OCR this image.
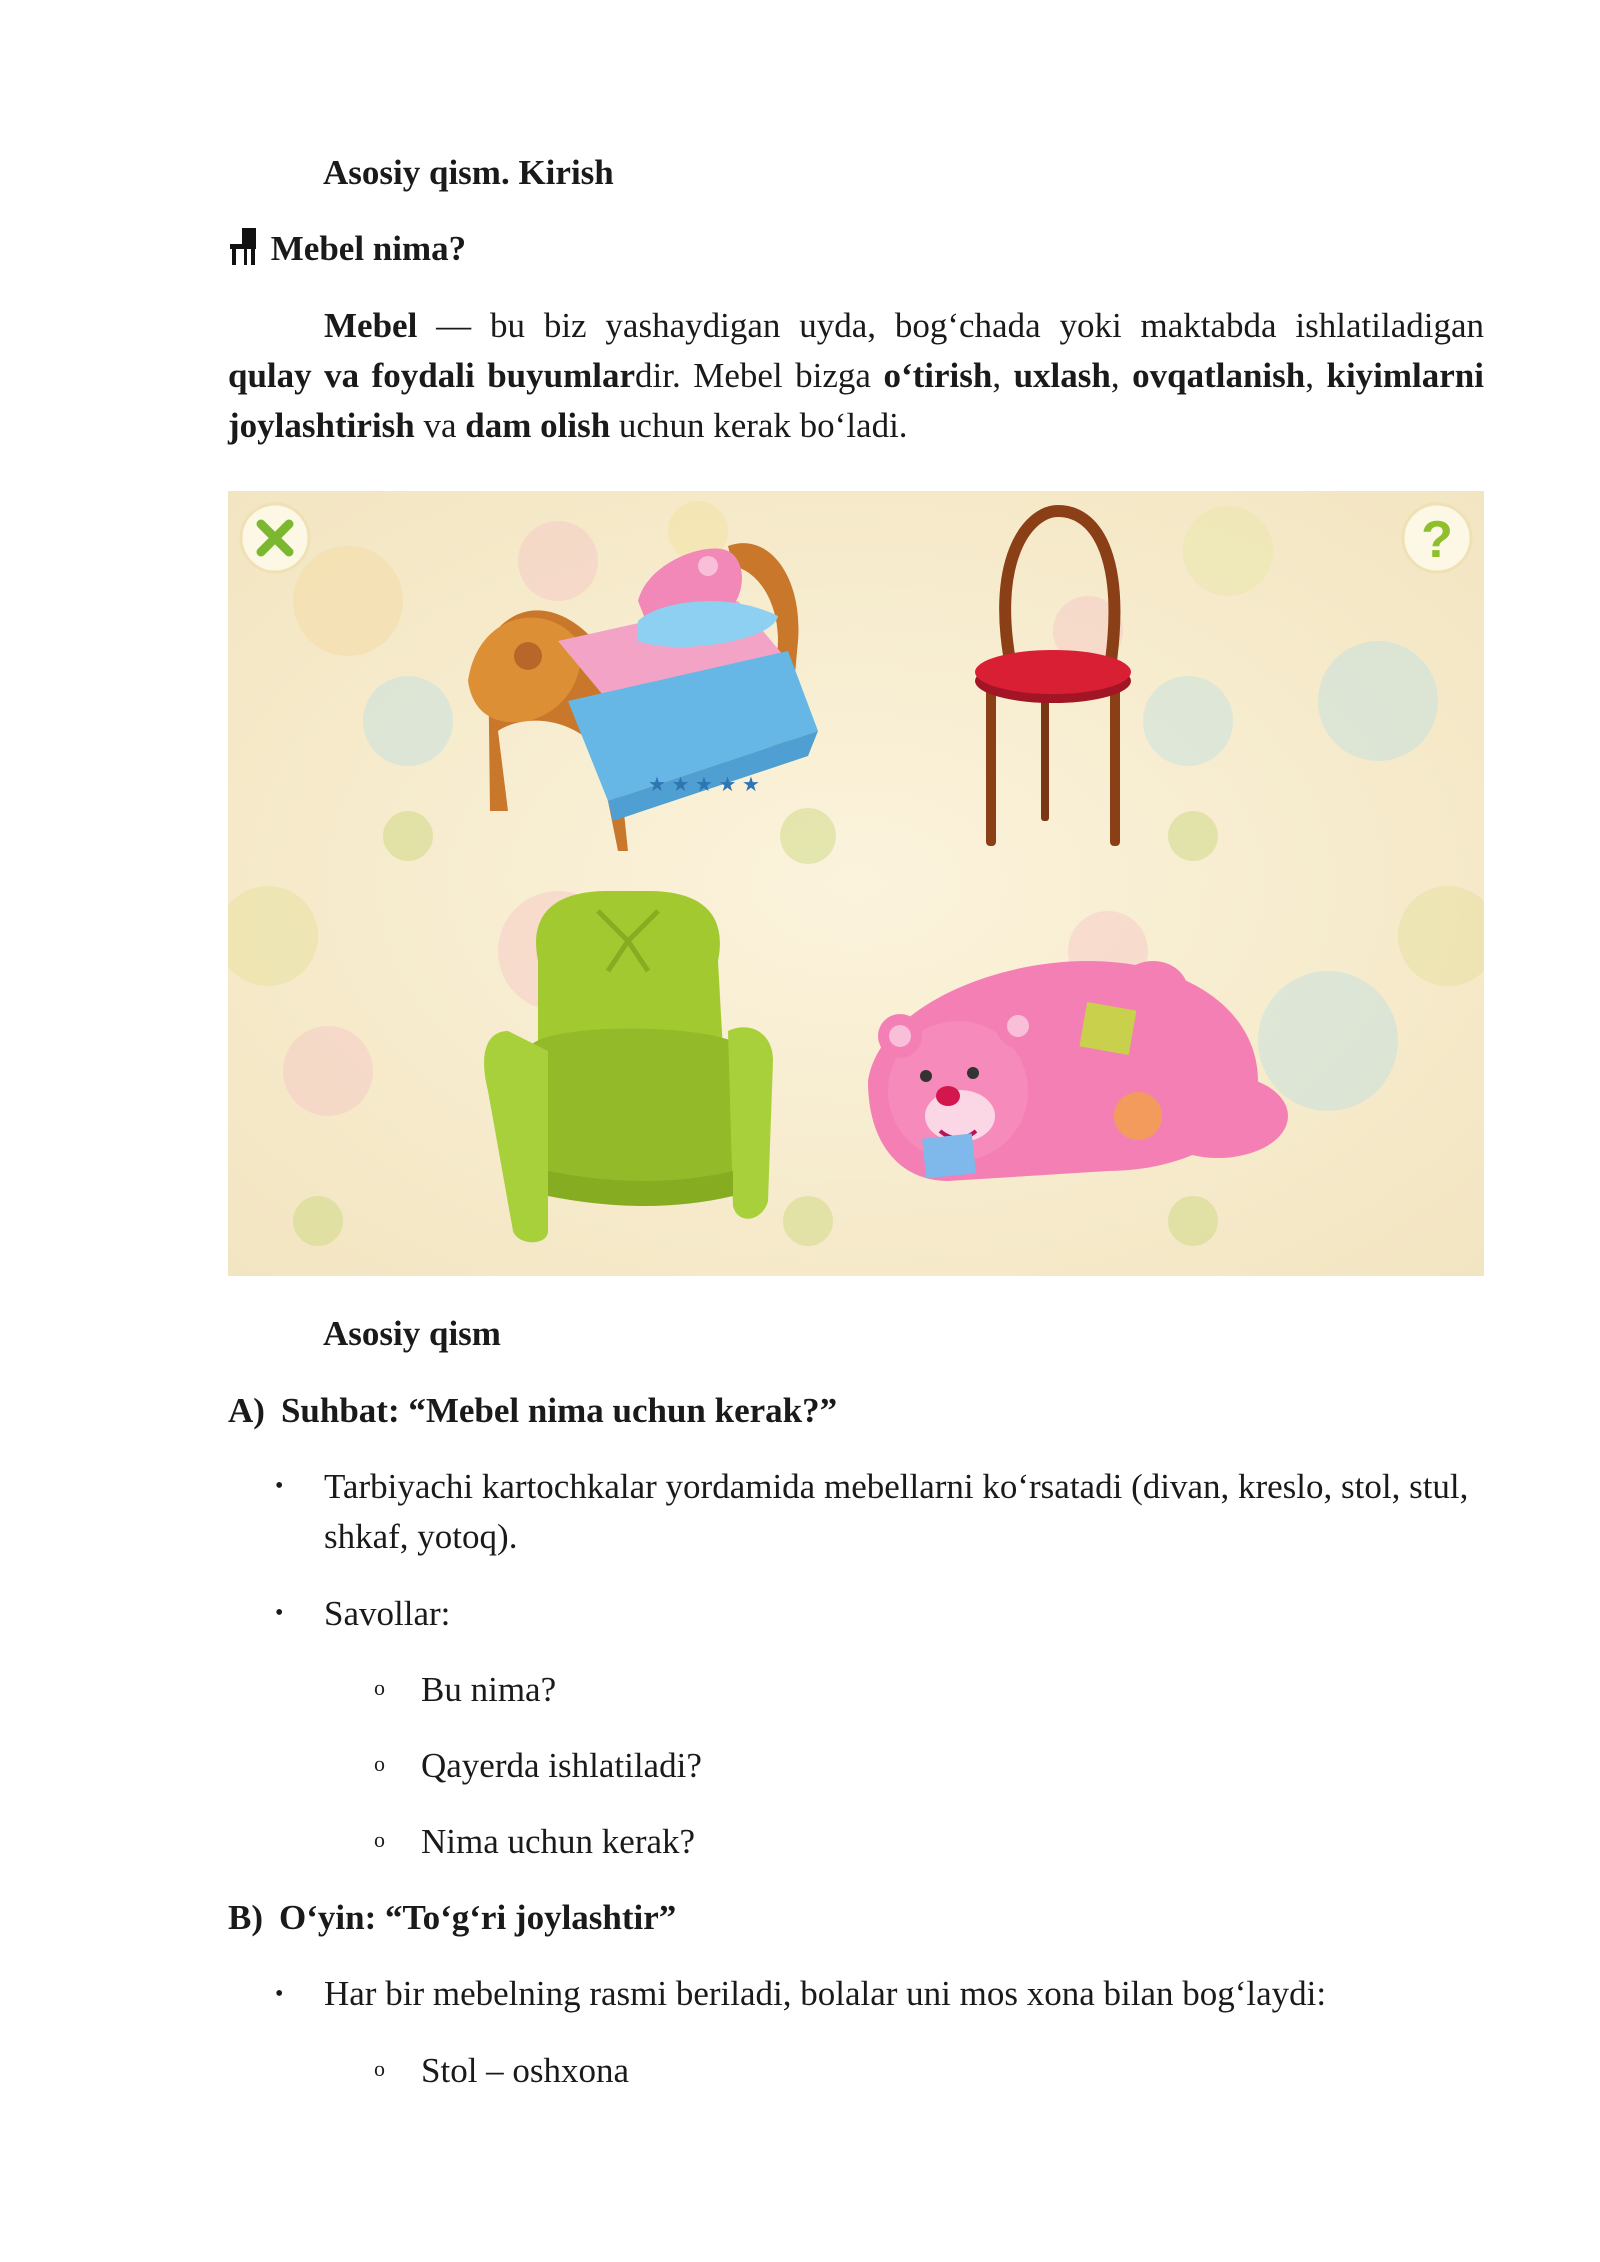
Asosiy qism. Kirish
Mebel nima?
Mebel — bu biz yashaydigan uyda, bog‘chada yoki maktabda ishlatiladigan qulay va foydali buyumlardir. Mebel bizga o‘tirish, uxlash, ovqatlanish, kiyimlarni joylashtirish va dam olish uchun kerak bo‘ladi.
?
★ ★ ★ ★ ★
Asosiy qism
A) Suhbat: “Mebel nima uchun kerak?”
• Tarbiyachi kartochkalar yordamida mebellarni ko‘rsatadi (divan, kreslo, stol, stul, shkaf, yotoq).
• Savollar:
o Bu nima?
o Qayerda ishlatiladi?
o Nima uchun kerak?
B) O‘yin: “To‘g‘ri joylashtir”
• Har bir mebelning rasmi beriladi, bolalar uni mos xona bilan bog‘laydi:
o Stol – oshxona
